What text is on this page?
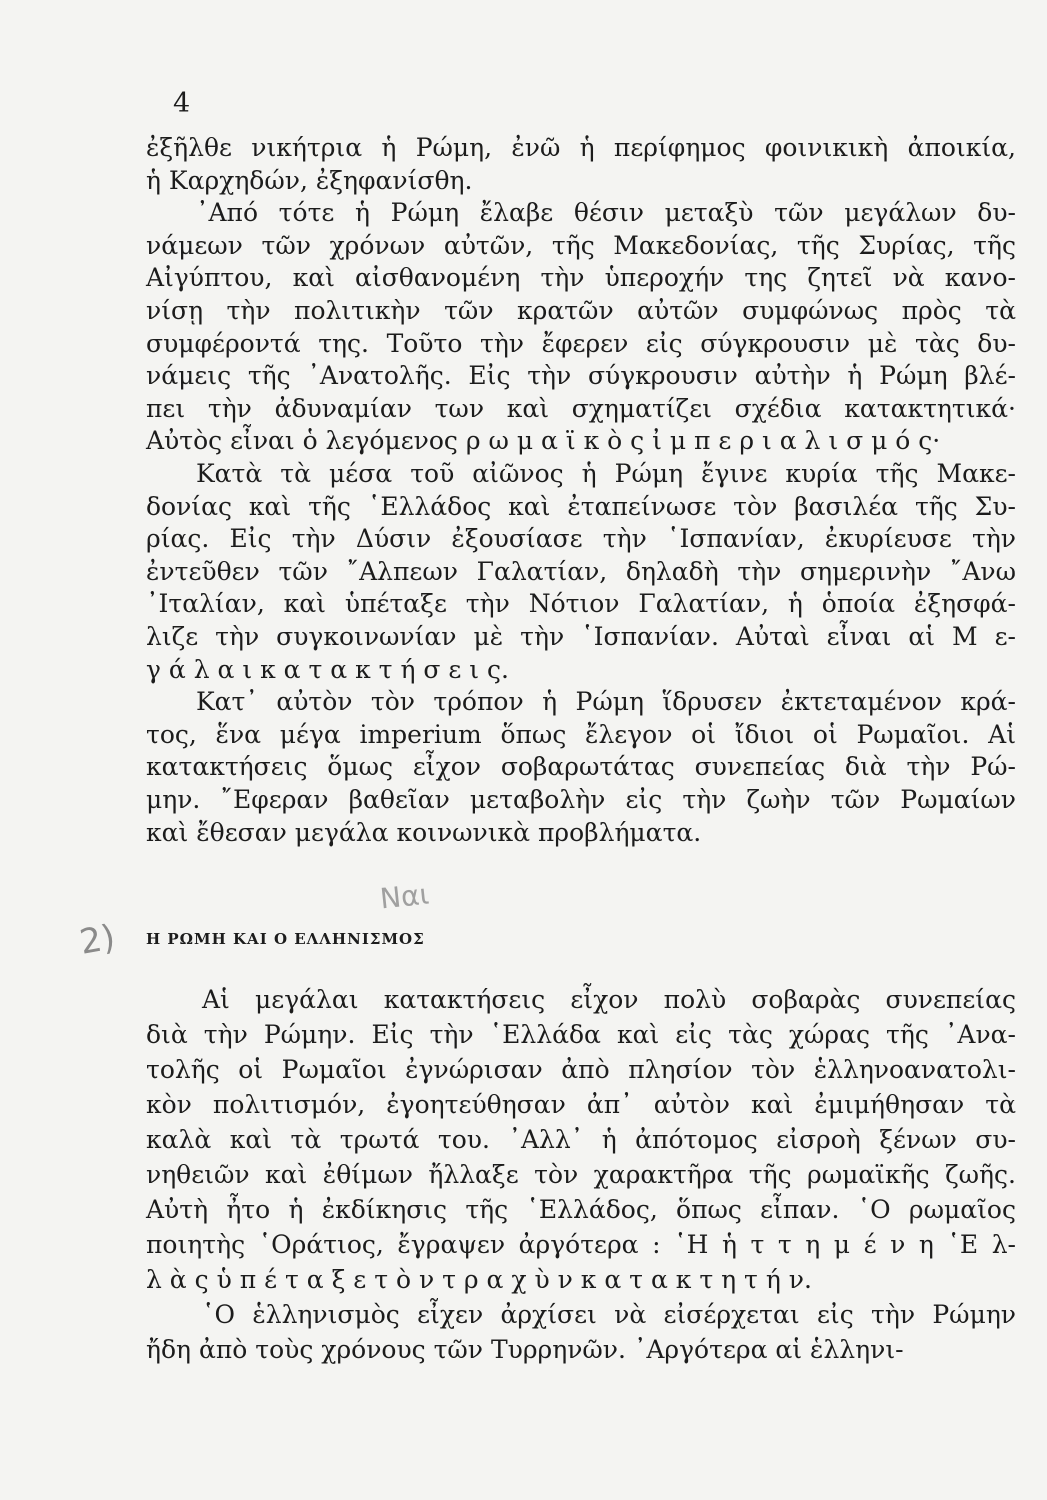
4
ἐξῆλθε νικήτρια ἡ Ρώμη, ἐνῶ ἡ περίφημος φοινικικὴ ἀποικία,
ἡ Καρχηδών, ἐξηφανίσθη.
᾿Από τότε ἡ Ρώμη ἔλαβε θέσιν μεταξὺ τῶν μεγάλων δυ-
νάμεων τῶν χρόνων αὐτῶν, τῆς Μακεδονίας, τῆς Συρίας, τῆς
Αἰγύπτου, καὶ αἰσθανομένη τὴν ὑπεροχήν της ζητεῖ νὰ κανο-
νίσῃ τὴν πολιτικὴν τῶν κρατῶν αὐτῶν συμφώνως πρὸς τὰ
συμφέροντά της. Τοῦτο τὴν ἔφερεν εἰς σύγκρουσιν μὲ τὰς δυ-
νάμεις τῆς ᾿Ανατολῆς. Εἰς τὴν σύγκρουσιν αὐτὴν ἡ Ρώμη βλέ-
πει τὴν ἀδυναμίαν των καὶ σχηματίζει σχέδια κατακτητικά·
Αὐτὸς εἶναι ὁ λεγόμενος ρ ω μ α ϊ κ ὸ ς ἰ μ π ε ρ ι α λ ι σ μ ό ς·
Κατὰ τὰ μέσα τοῦ αἰῶνος ἡ Ρώμη ἔγινε κυρία τῆς Μακε-
δονίας καὶ τῆς ῾Ελλάδος καὶ ἐταπείνωσε τὸν βασιλέα τῆς Συ-
ρίας. Εἰς τὴν Δύσιν ἐξουσίασε τὴν ῾Ισπανίαν, ἐκυρίευσε τὴν
ἐντεῦθεν τῶν ῎Αλπεων Γαλατίαν, δηλαδὴ τὴν σημερινὴν ῎Ανω
᾿Ιταλίαν, καὶ ὑπέταξε τὴν Νότιον Γαλατίαν, ἡ ὁποία ἐξησφά-
λιζε τὴν συγκοινωνίαν μὲ τὴν ῾Ισπανίαν. Αὐταὶ εἶναι αἱ Μ ε-
γ ά λ α ι κ α τ α κ τ ή σ ε ι ς.
Κατ᾿ αὐτὸν τὸν τρόπον ἡ Ρώμη ἵδρυσεν ἐκτεταμένον κρά-
τος, ἕνα μέγα imperium ὅπως ἔλεγον οἱ ἴδιοι οἱ Ρωμαῖοι. Αἱ
κατακτήσεις ὅμως εἶχον σοβαρωτάτας συνεπείας διὰ τὴν Ρώ-
μην. ῎Εφεραν βαθεῖαν μεταβολὴν εἰς τὴν ζωὴν τῶν Ρωμαίων
καὶ ἔθεσαν μεγάλα κοινωνικὰ προβλήματα.
2)
Ναι
Η ΡΩΜΗ ΚΑΙ Ο ΕΛΛΗΝΙΣΜΟΣ
Αἱ μεγάλαι κατακτήσεις εἶχον πολὺ σοβαρὰς συνεπείας
διὰ τὴν Ρώμην. Εἰς τὴν ῾Ελλάδα καὶ εἰς τὰς χώρας τῆς ᾿Ανα-
τολῆς οἱ Ρωμαῖοι ἐγνώρισαν ἀπὸ πλησίον τὸν ἑλληνοανατολι-
κὸν πολιτισμόν, ἐγοητεύθησαν ἀπ᾿ αὐτὸν καὶ ἐμιμήθησαν τὰ
καλὰ καὶ τὰ τρωτά του. ᾿Αλλ᾿ ἡ ἀπότομος εἰσροὴ ξένων συ-
νηθειῶν καὶ ἐθίμων ἤλλαξε τὸν χαρακτῆρα τῆς ρωμαϊκῆς ζωῆς.
Αὐτὴ ἦτο ἡ ἐκδίκησις τῆς ῾Ελλάδος, ὅπως εἶπαν. ῾Ο ρωμαῖος
ποιητὴς ῾Οράτιος, ἔγραψεν ἀργότερα : ῾Η ἡ τ τ η μ έ ν η ῾Ε λ-
λ ὰ ς ὑ π έ τ α ξ ε τ ὸ ν τ ρ α χ ὺ ν κ α τ α κ τ η τ ή ν.
῾Ο ἑλληνισμὸς εἶχεν ἀρχίσει νὰ εἰσέρχεται εἰς τὴν Ρώμην
ἤδη ἀπὸ τοὺς χρόνους τῶν Τυρρηνῶν. ᾿Αργότερα αἱ ἑλληνι-
